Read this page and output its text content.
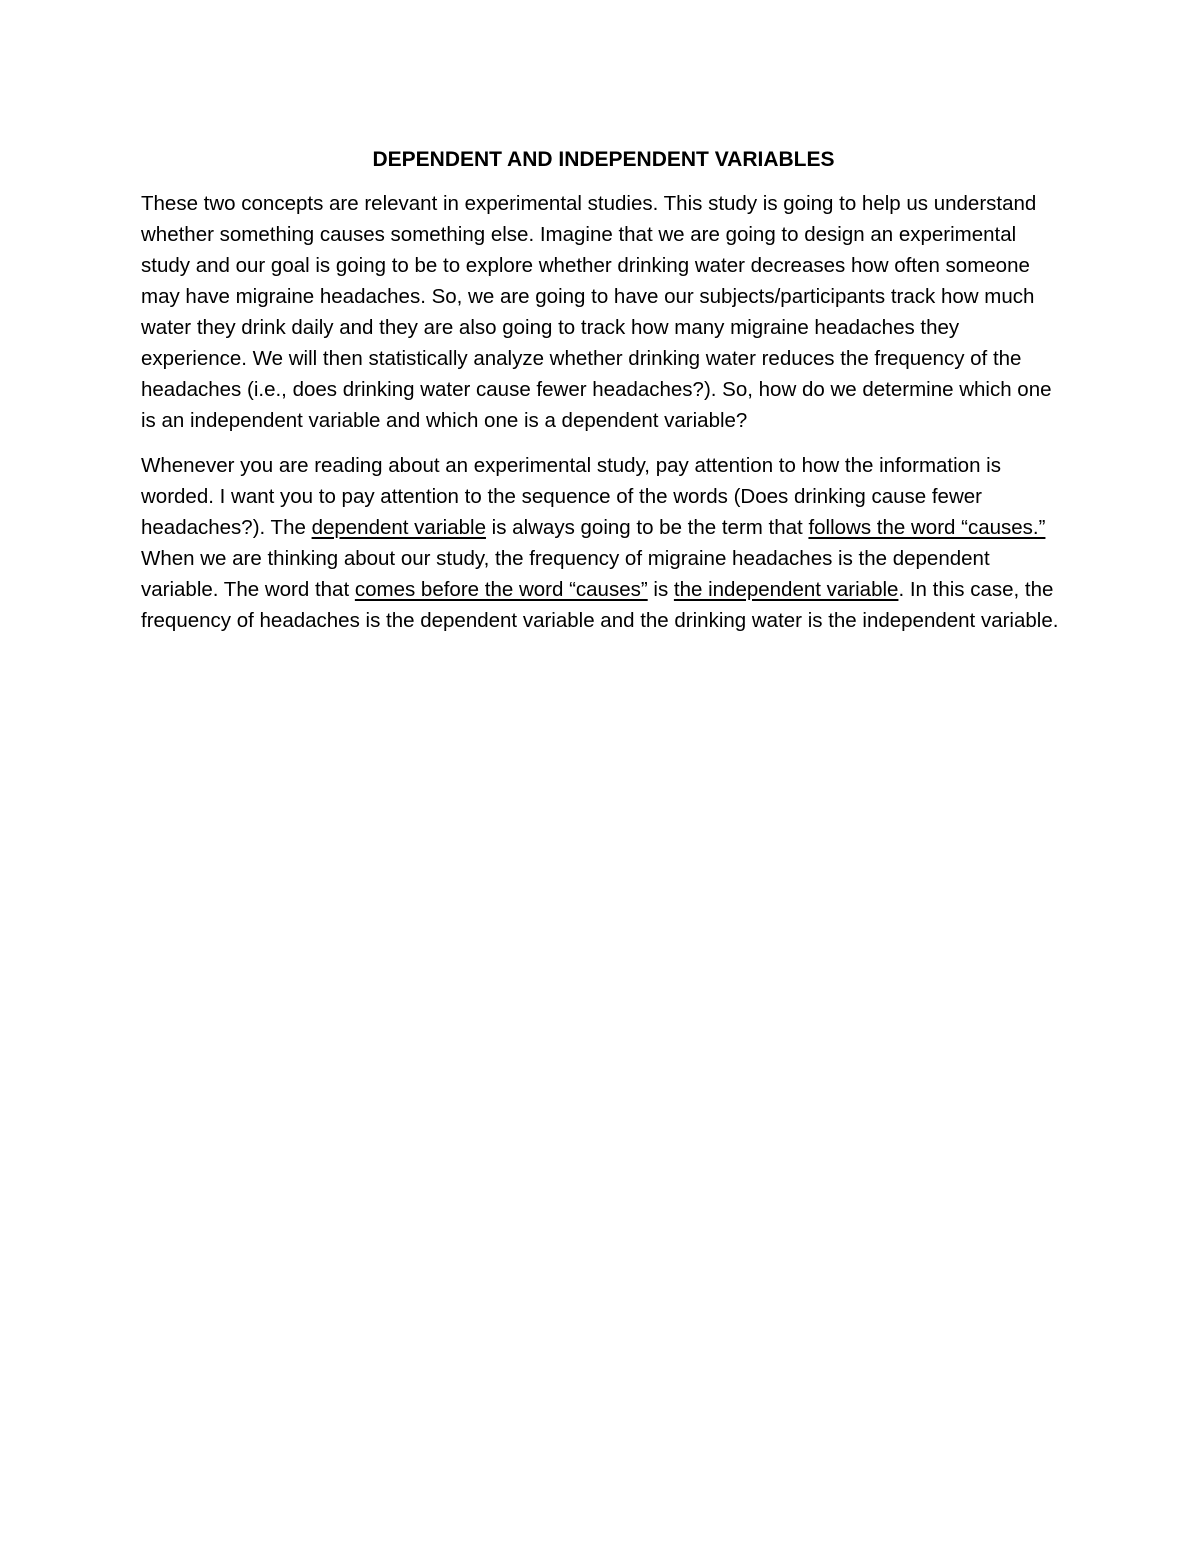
DEPENDENT AND INDEPENDENT VARIABLES

These two concepts are relevant in experimental studies. This study is going to help us understand whether something causes something else. Imagine that we are going to design an experimental study and our goal is going to be to explore whether drinking water decreases how often someone may have migraine headaches. So, we are going to have our subjects/participants track how much water they drink daily and they are also going to track how many migraine headaches they experience. We will then statistically analyze whether drinking water reduces the frequency of the headaches (i.e., does drinking water cause fewer headaches?). So, how do we determine which one is an independent variable and which one is a dependent variable?

Whenever you are reading about an experimental study, pay attention to how the information is worded. I want you to pay attention to the sequence of the words (Does drinking cause fewer headaches?). The dependent variable is always going to be the term that follows the word “causes.” When we are thinking about our study, the frequency of migraine headaches is the dependent variable. The word that comes before the word “causes” is the independent variable. In this case, the frequency of headaches is the dependent variable and the drinking water is the independent variable.
